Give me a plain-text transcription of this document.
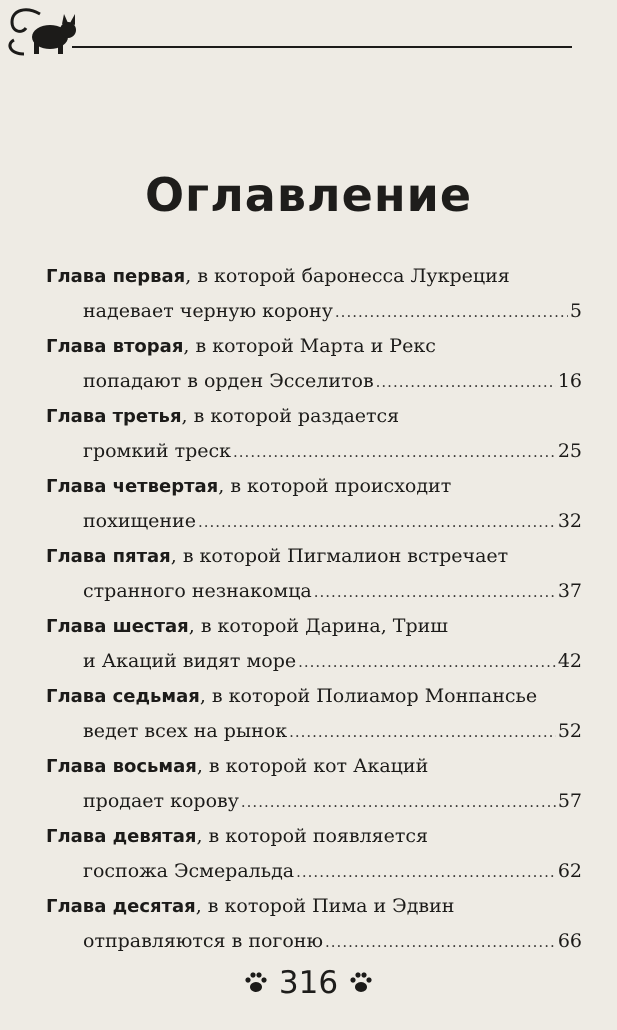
Оглавление
Глава первая, в которой баронесса Лукреция
надевает черную корону .....	5
Глава вторая, в которой Марта и Рекс
попадают в орден Эсселитов .....	16
Глава третья, в которой раздается
громкий треск .....	25
Глава четвертая, в которой происходит
похищение .....	32
Глава пятая, в которой Пигмалион встречает
странного незнакомца .....	37
Глава шестая, в которой Дарина, Триш
и Акаций видят море .....	42
Глава седьмая, в которой Полиамор Монпансье
ведет всех на рынок .....	52
Глава восьмая, в которой кот Акаций
продает корову .....	57
Глава девятая, в которой появляется
госпожа Эсмеральда .....	62
Глава десятая, в которой Пима и Эдвин
отправляются в погоню .....	66
316
